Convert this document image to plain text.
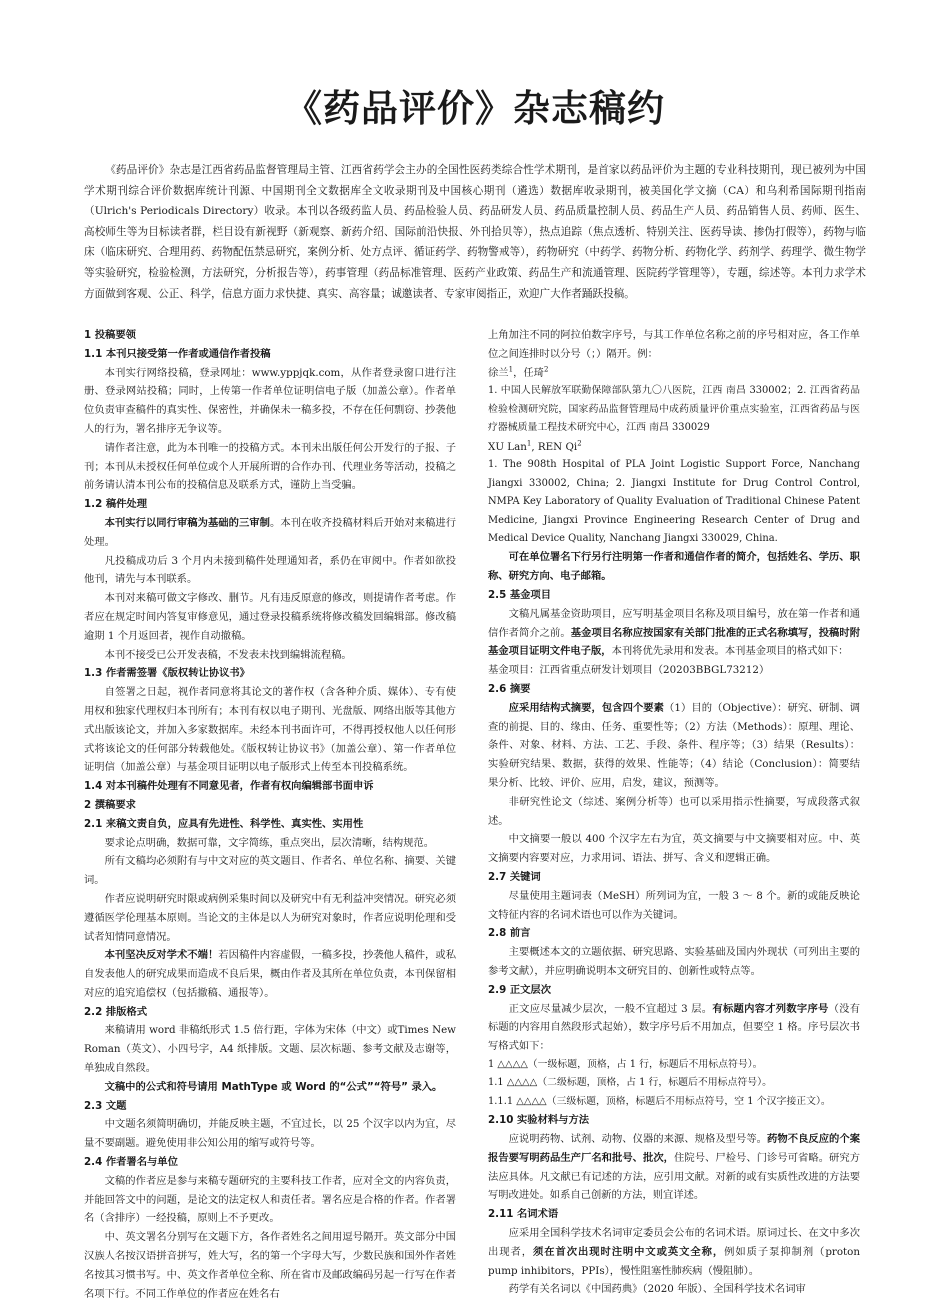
《药品评价》杂志稿约

《药品评价》杂志是江西省药品监督管理局主管、江西省药学会主办的全国性医药类综合性学术期刊，是首家以药品评价为主题的专业科技期刊，现已被列为中国学术期刊综合评价数据库统计刊源、中国期刊全文数据库全文收录期刊及中国核心期刊（遴选）数据库收录期刊，被美国化学文摘（CA）和乌利希国际期刊指南（Ulrich's Periodicals Directory）收录。本刊以各级药监人员、药品检验人员、药品研发人员、药品质量控制人员、药品生产人员、药品销售人员、药师、医生、高校师生等为目标读者群，栏目设有新视野（新观察、新药介绍、国际前沿快报、外刊拾贝等），热点追踪（焦点透析、特别关注、医药导读、掺伪打假等），药物与临床（临床研究、合理用药、药物配伍禁忌研究，案例分析、处方点评、循证药学、药物警戒等），药物研究（中药学、药物分析、药物化学、药剂学、药理学、微生物学等实验研究，检验检测，方法研究，分析报告等），药事管理（药品标准管理、医药产业政策、药品生产和流通管理、医院药学管理等），专题，综述等。本刊力求学术方面做到客观、公正、科学，信息方面力求快捷、真实、高容量；诚邀读者、专家审阅指正，欢迎广大作者踊跃投稿。

1 投稿要领
1.1 本刊只接受第一作者或通信作者投稿

本刊实行网络投稿，登录网址：www.yppjqk.com，从作者登录窗口进行注册、登录网站投稿；同时，上传第一作者单位证明信电子版（加盖公章）。作者单位负责审查稿件的真实性、保密性，并确保未一稿多投，不存在任何剽窃、抄袭他人的行为，署名排序无争议等。

请作者注意，此为本刊唯一的投稿方式。本刊未出版任何公开发行的子报、子刊；本刊从未授权任何单位或个人开展所谓的合作办刊、代理业务等活动，投稿之前务请认清本刊公布的投稿信息及联系方式，谨防上当受骗。

1.2 稿件处理

本刊实行以同行审稿为基础的三审制。本刊在收齐投稿材料后开始对来稿进行处理。

凡投稿成功后 3 个月内未接到稿件处理通知者，系仍在审阅中。作者如欲投他刊，请先与本刊联系。

本刊对来稿可做文字修改、删节。凡有违反原意的修改，则提请作者考虑。作者应在规定时间内答复审修意见，通过登录投稿系统将修改稿发回编辑部。修改稿逾期 1 个月返回者，视作自动撤稿。

本刊不接受已公开发表稿，不发表未找到编辑流程稿。

1.3 作者需签署《版权转让协议书》

自签署之日起，视作者同意将其论文的著作权（含各种介质、媒体）、专有使用权和独家代理权归本刊所有；本刊有权以电子期刊、光盘版、网络出版等其他方式出版该论文，并加入多家数据库。未经本刊书面许可，不得再授权他人以任何形式将该论文的任何部分转载他处。《版权转让协议书》（加盖公章）、第一作者单位证明信（加盖公章）与基金项目证明以电子版形式上传至本刊投稿系统。

1.4 对本刊稿件处理有不同意见者，作者有权向编辑部书面申诉
2 撰稿要求
2.1 来稿文责自负，应具有先进性、科学性、真实性、实用性

要求论点明确，数据可靠，文字简练，重点突出，层次清晰，结构规范。

所有文稿均必须附有与中文对应的英文题目、作者名、单位名称、摘要、关键词。

作者应说明研究时限或病例采集时间以及研究中有无利益冲突情况。研究必须遵循医学伦理基本原则。当论文的主体是以人为研究对象时，作者应说明伦理和受试者知情同意情况。

本刊坚决反对学术不端！若因稿件内容虚假，一稿多投，抄袭他人稿件，或私自发表他人的研究成果而造成不良后果，概由作者及其所在单位负责，本刊保留相对应的追究追偿权（包括撤稿、通报等）。

2.2 排版格式

来稿请用 word 非稿纸形式 1.5 倍行距，字体为宋体（中文）或Times New Roman（英文）、小四号字，A4 纸排版。文题、层次标题、参考文献及志谢等，单独成自然段。

文稿中的公式和符号请用 MathType 或 Word 的“公式”“符号” 录入。

2.3 文题

中文题名须简明确切，并能反映主题，不宜过长，以 25 个汉字以内为宜，尽量不要副题。避免使用非公知公用的缩写或符号等。

2.4 作者署名与单位

文稿的作者应是参与来稿专题研究的主要科技工作者，应对全文的内容负责，并能回答文中的问题，是论文的法定权人和责任者。署名应是合格的作者。作者署名（含排序）一经投稿，原则上不予更改。

中、英文署名分别写在文题下方，各作者姓名之间用逗号隔开。英文部分中国汉族人名按汉语拼音拼写，姓大写，名的第一个字母大写，少数民族和国外作者姓名按其习惯书写。中、英文作者单位全称、所在省市及邮政编码另起一行写在作者名项下行。不同工作单位的作者应在姓名右

上角加注不同的阿拉伯数字序号，与其工作单位名称之前的序号相对应，各工作单位之间连排时以分号（；）隔开。例：

徐兰$^1$，任琦$^2$

1. 中国人民解放军联勤保障部队第九〇八医院，江西 南昌 330002；2. 江西省药品检验检测研究院，国家药品监督管理局中成药质量评价重点实验室，江西省药品与医疗器械质量工程技术研究中心，江西 南昌 330029

XU Lan$^1$, REN Qi$^2$

1. The 908th Hospital of PLA Joint Logistic Support Force, Nanchang Jiangxi 330002, China; 2. Jiangxi Institute for Drug Control Control, NMPA Key Laboratory of Quality Evaluation of Traditional Chinese Patent Medicine, Jiangxi Province Engineering Research Center of Drug and Medical Device Quality, Nanchang Jiangxi 330029, China.

可在单位署名下行另行注明第一作者和通信作者的简介，包括姓名、学历、职称、研究方向、电子邮箱。

2.5 基金项目

文稿凡属基金资助项目，应写明基金项目名称及项目编号，放在第一作者和通信作者简介之前。基金项目名称应按国家有关部门批准的正式名称填写，投稿时附基金项目证明文件电子版，本刊将优先录用和发表。本刊基金项目的格式如下：

基金项目：江西省重点研发计划项目（20203BBGL73212）

2.6 摘要

应采用结构式摘要，包含四个要素（1）目的（Objective）：研究、研制、调查的前提、目的、缘由、任务、重要性等；（2）方法（Methods）：原理、理论、条件、对象、材料、方法、工艺、手段、条件、程序等；（3）结果（Results）：实验研究结果、数据，获得的效果、性能等；（4）结论（Conclusion）：简要结果分析、比较、评价、应用，启发，建议，预测等。

非研究性论文（综述、案例分析等）也可以采用指示性摘要，写成段落式叙述。

中文摘要一般以 400 个汉字左右为宜，英文摘要与中文摘要相对应。中、英文摘要内容要对应，力求用词、语法、拼写、含义和逻辑正确。

2.7 关键词

尽量使用主题词表（MeSH）所列词为宜，一般 3 ～ 8 个。新的或能反映论文特征内容的名词术语也可以作为关键词。

2.8 前言

主要概述本文的立题依据、研究思路、实验基础及国内外现状（可列出主要的参考文献），并应明确说明本文研究目的、创新性或特点等。

2.9 正文层次

正文应尽量减少层次，一般不宜超过 3 层。有标题内容才列数字序号（没有标题的内容用自然段形式起始），数字序号后不用加点，但要空 1 格。序号层次书写格式如下：

1 △△△△（一级标题，顶格，占 1 行，标题后不用标点符号）。

1.1 △△△△（二级标题，顶格，占 1 行，标题后不用标点符号）。

1.1.1 △△△△（三级标题，顶格，标题后不用标点符号，空 1 个汉字接正文）。

2.10 实验材料与方法

应说明药物、试剂、动物、仪器的来源、规格及型号等。药物不良反应的个案报告要写明药品生产厂名和批号、批次，住院号、尸检号、门诊号可省略。研究方法应具体。凡文献已有记述的方法，应引用文献。对新的或有实质性改进的方法要写明改进处。如系自己创新的方法，则宜详述。

2.11 名词术语

应采用全国科学技术名词审定委员会公布的名词术语。原词过长、在文中多次出现者，须在首次出现时注明中文或英文全称，例如质子泵抑制剂（proton pump inhibitors，PPIs），慢性阻塞性肺疾病（慢阻肺）。

药学有关名词以《中国药典》（2020 年版）、全国科学技术名词审
